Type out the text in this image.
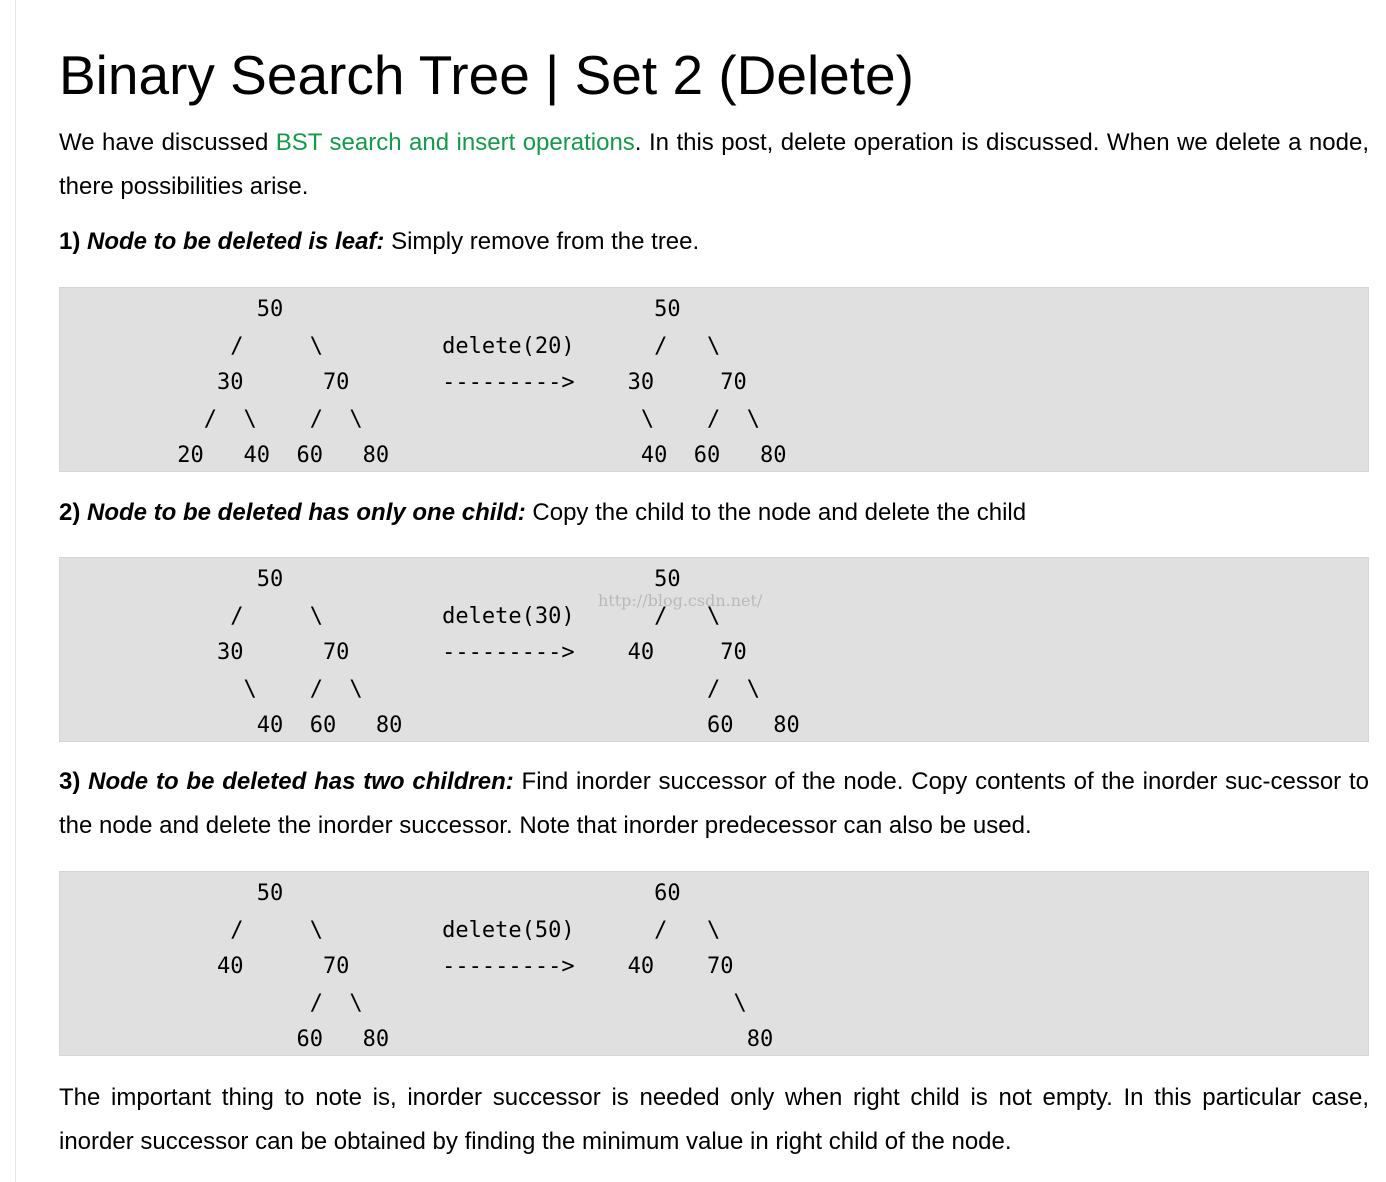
Binary Search Tree | Set 2 (Delete)

We have discussed BST search and insert operations. In this post, delete operation is discussed. When we delete a node, there possibilities arise.

1) Node to be deleted is leaf: Simply remove from the tree.

50                            50
/     \         delete(20)      /   \
30      70       --------->    30     70
/  \    /  \                     \    /  \
20   40  60   80                   40  60   80

2) Node to be deleted has only one child: Copy the child to the node and delete the child

50                            50
/     \         delete(30)      /   \
30      70       --------->    40     70
\    /  \                          /  \
40  60   80                       60   80
http://blog.csdn.net/

3) Node to be deleted has two children: Find inorder successor of the node. Copy contents of the inorder suc-cessor to the node and delete the inorder successor. Note that inorder predecessor can also be used.

50                            60
/     \         delete(50)      /   \
40      70       --------->    40    70
/  \                            \
60   80                           80

The important thing to note is, inorder successor is needed only when right child is not empty. In this particular case, inorder successor can be obtained by finding the minimum value in right child of the node.
